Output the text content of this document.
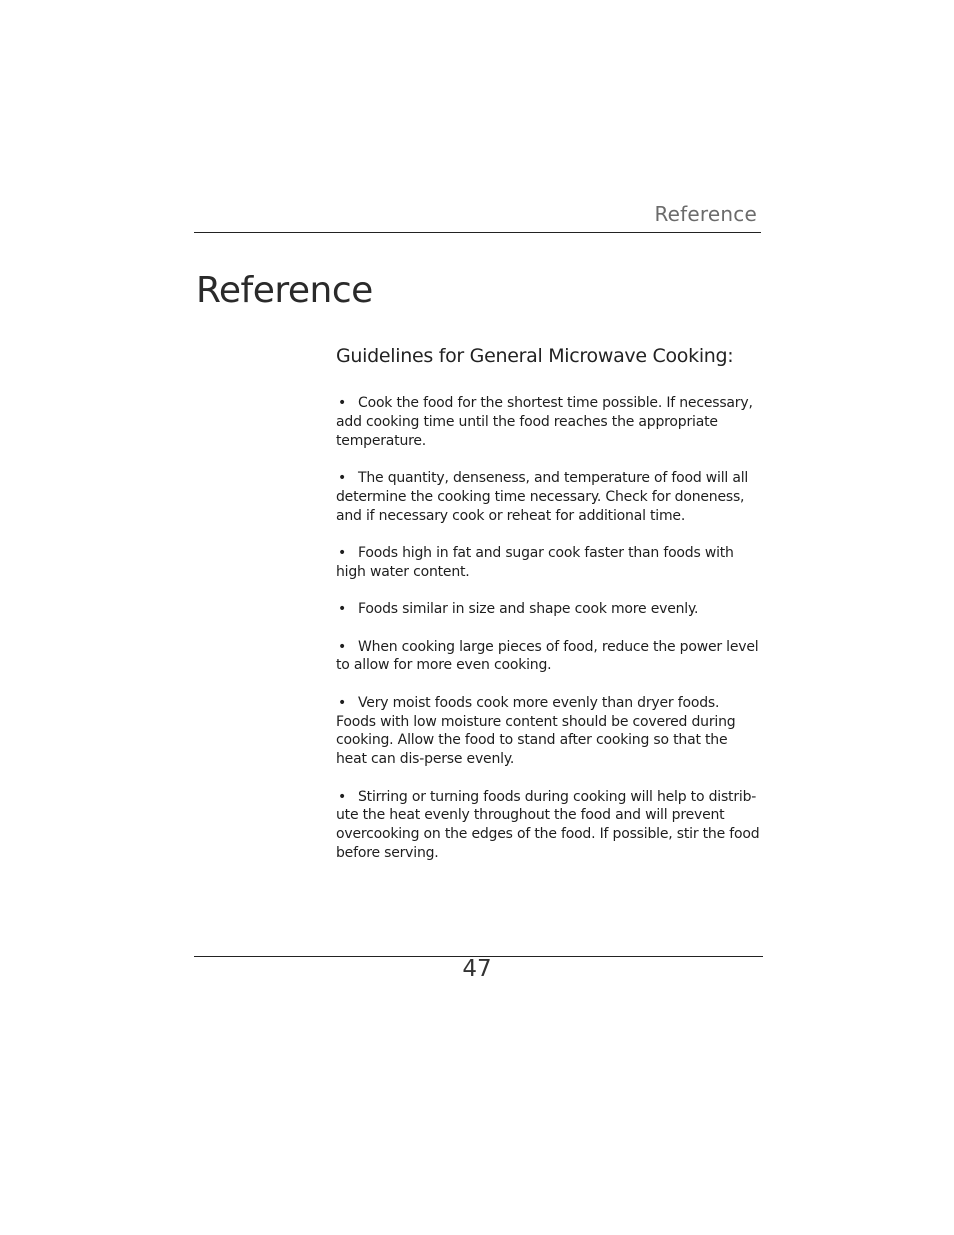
Reference
Reference
Guidelines for General Microwave Cooking:
• Cook the food for the shortest time possible. If necessary, add cooking time until the food reaches the appropriate temperature.
• The quantity, denseness, and temperature of food will all determine the cooking time necessary. Check for doneness, and if necessary cook or reheat for additional time.
• Foods high in fat and sugar cook faster than foods with high water content.
• Foods similar in size and shape cook more evenly.
• When cooking large pieces of food, reduce the power level to allow for more even cooking.
• Very moist foods cook more evenly than dryer foods. Foods with low moisture content should be covered during cooking. Allow the food to stand after cooking so that the heat can dis-perse evenly.
• Stirring or turning foods during cooking will help to distrib-ute the heat evenly throughout the food and will prevent overcooking on the edges of the food. If possible, stir the food before serving.
47
